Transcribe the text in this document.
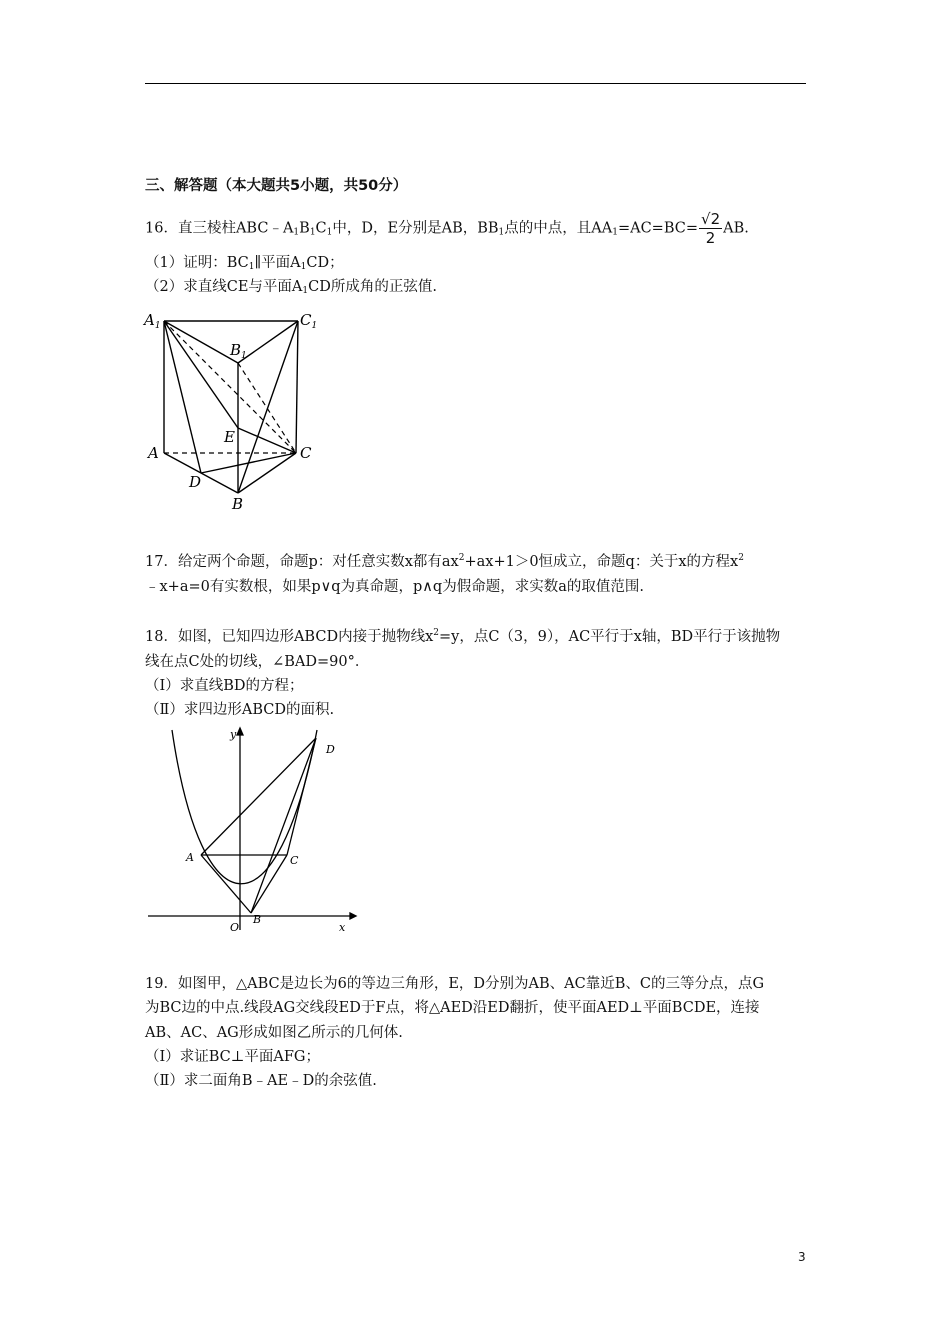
三、解答题（本大题共5小题，共50分）
16．直三棱柱$ABC﹣A_1B_1C_1$中，D，E分别是AB，$BB_1$点的中点，且$AA_1=AC=BC= \frac{√2}{2}$ AB.
（1）证明：$BC_1\parallel$平面$A_1CD$；
（2）求直线CE与平面$A_1CD$所成角的正弦值.
$A_1$	$C_1$
$B_1$
E
A	C
D
B
17．给定两个命题，命题p：对任意实数x都有$ax^2+ax+1>0$恒成立，命题q：关于x的方程$x^2$
﹣x+a=0有实数根，如果p∨q为真命题，p∧q为假命题，求实数a的取值范围.
18．如图，已知四边形ABCD内接于抛物线$x^2=y$，点C（3，9），AC平行于x轴，BD平行于该抛物
线在点C处的切线，∠BAD=90°．
（Ⅰ）求直线BD的方程；
（Ⅱ）求四边形ABCD的面积.
y
x
O
A
B
C
D
19．如图甲，△ABC是边长为6的等边三角形，E，D分别为AB、AC靠近B、C的三等分点，点G
为BC边的中点.线段AG交线段ED于F点，将△AED沿ED翻折，使平面AED⊥平面BCDE，连接
AB、AC、AG形成如图乙所示的几何体.
（Ⅰ）求证BC⊥平面AFG；
（Ⅱ）求二面角B﹣AE﹣D的余弦值.
3
